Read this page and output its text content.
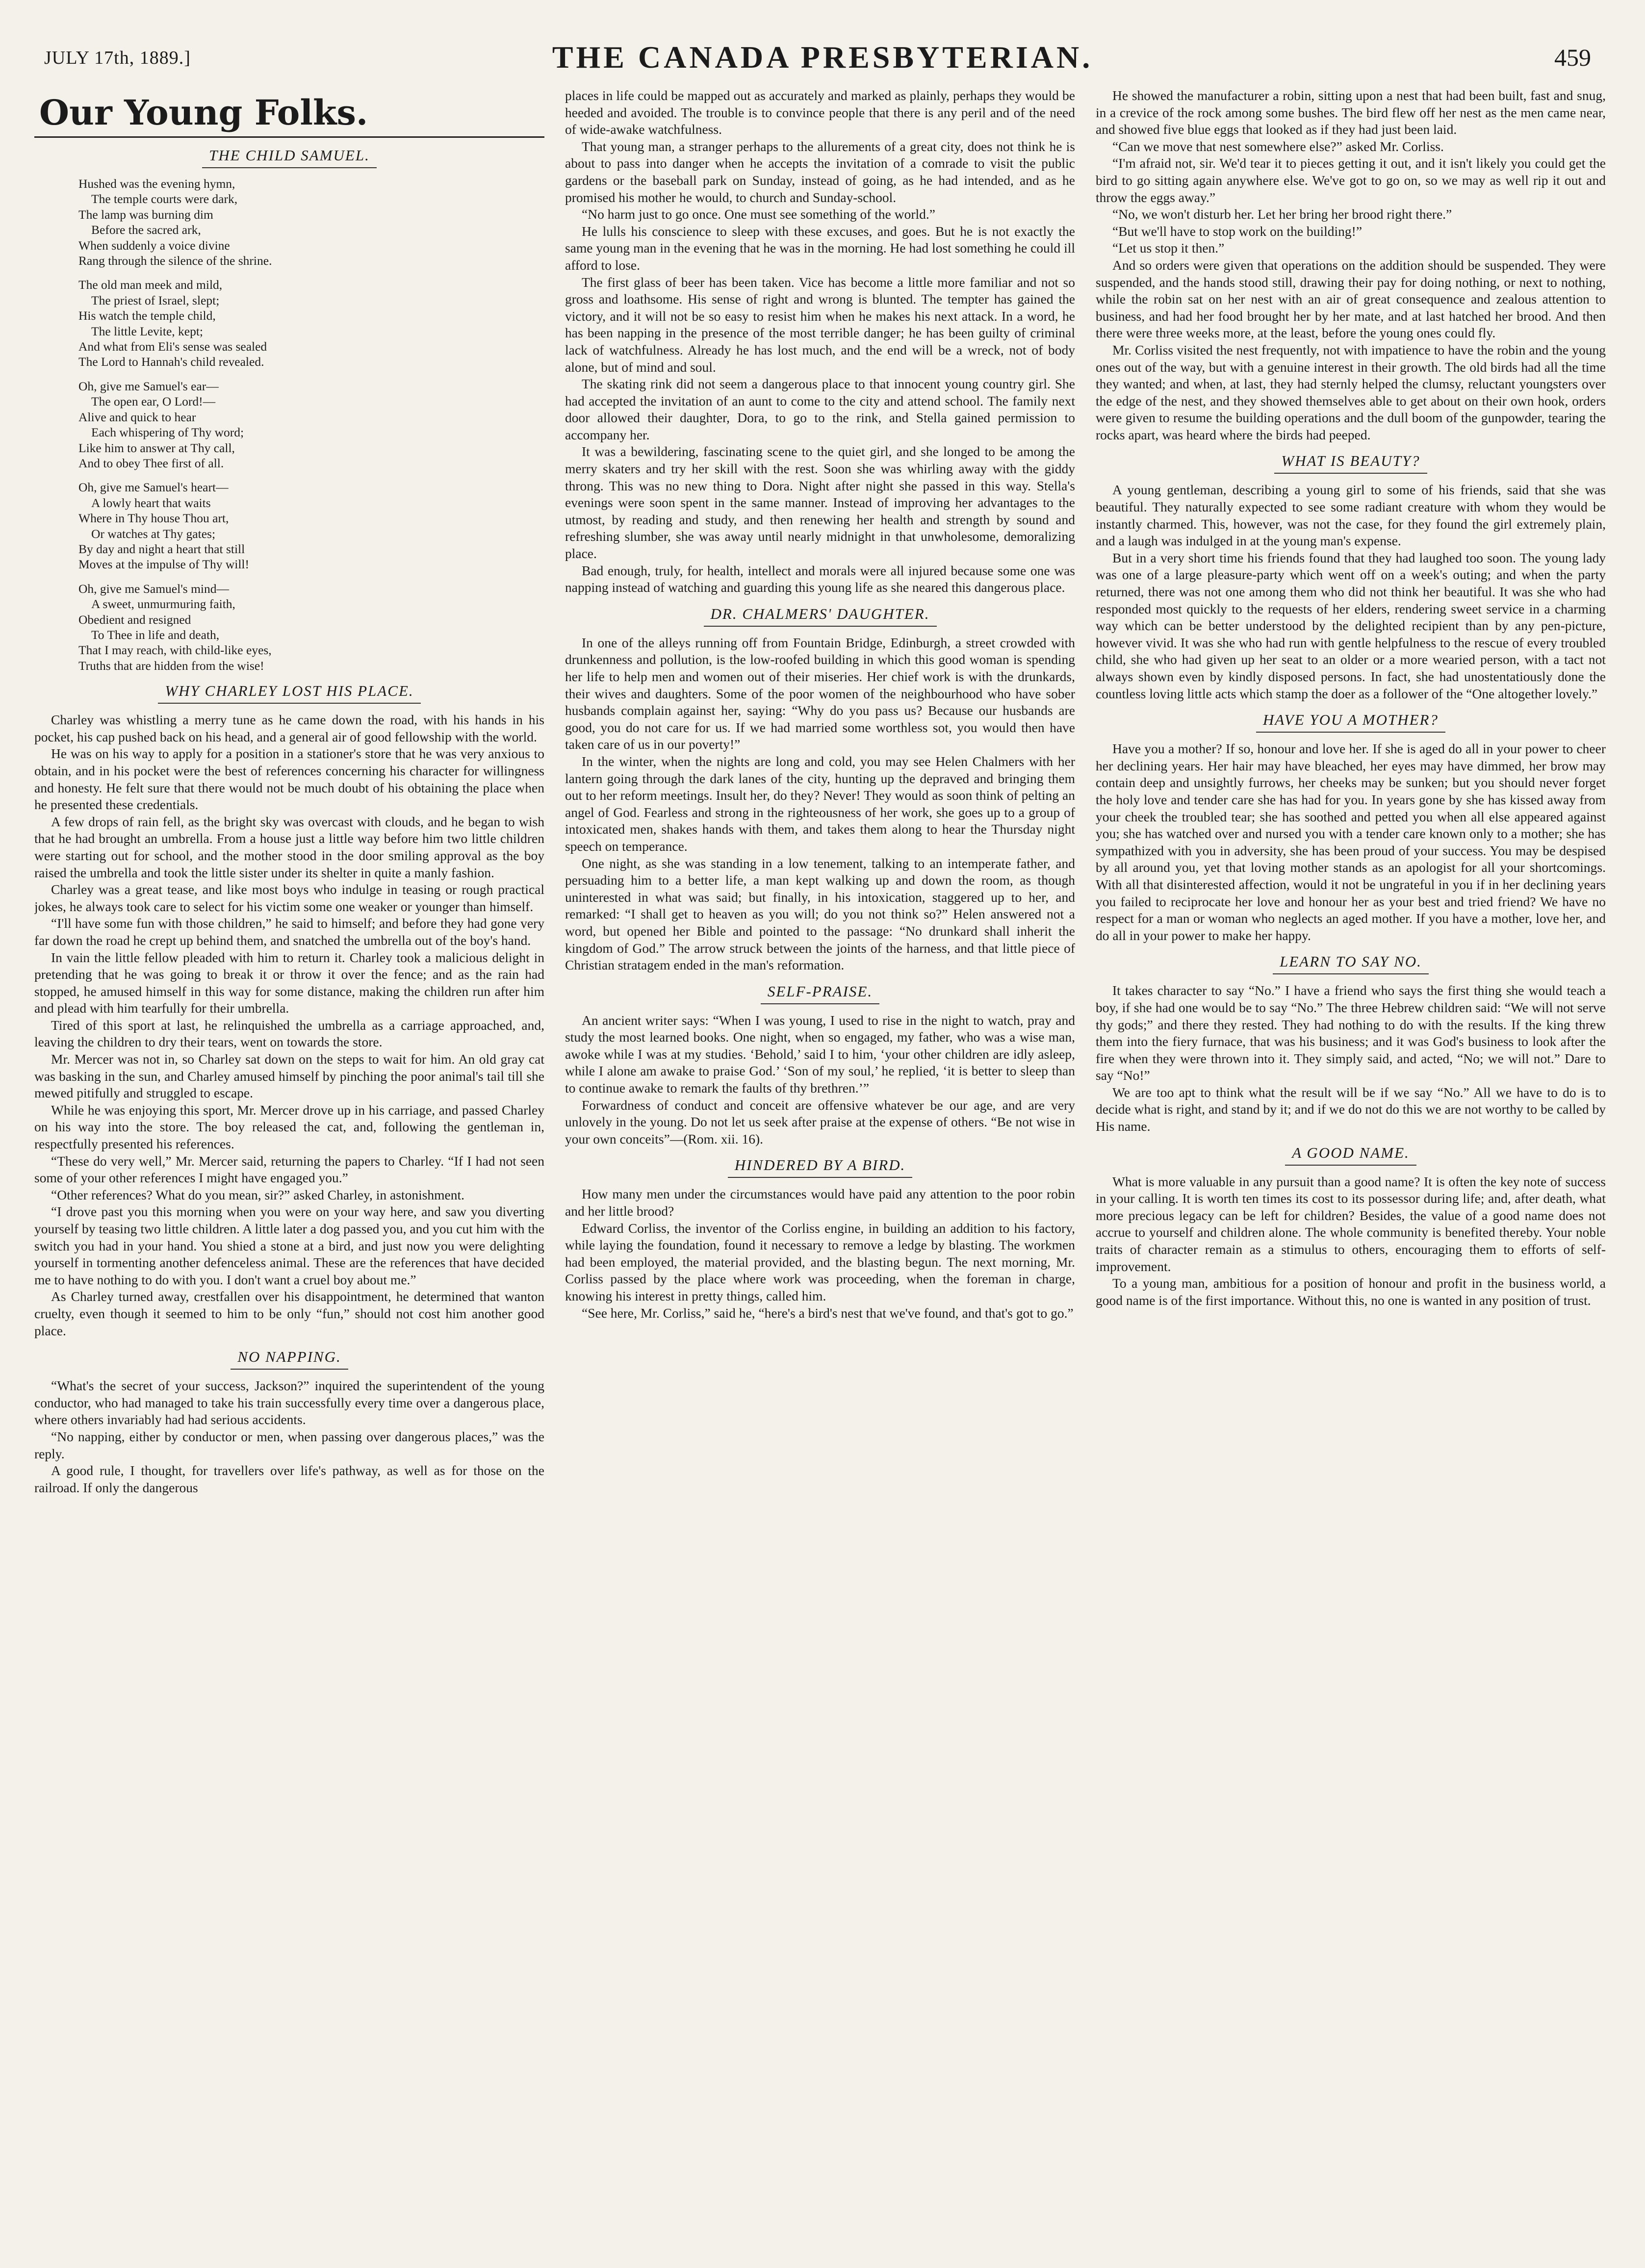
JULY 17th, 1889.]	THE CANADA PRESBYTERIAN.	459
Our Young Folks.
THE CHILD SAMUEL.
Hushed was the evening hymn,
The temple courts were dark,
The lamp was burning dim
Before the sacred ark,
When suddenly a voice divine
Rang through the silence of the shrine.
The old man meek and mild,
The priest of Israel, slept;
His watch the temple child,
The little Levite, kept;
And what from Eli's sense was sealed
The Lord to Hannah's child revealed.
Oh, give me Samuel's ear—
The open ear, O Lord!—
Alive and quick to hear
Each whispering of Thy word;
Like him to answer at Thy call,
And to obey Thee first of all.
Oh, give me Samuel's heart—
A lowly heart that waits
Where in Thy house Thou art,
Or watches at Thy gates;
By day and night a heart that still
Moves at the impulse of Thy will!
Oh, give me Samuel's mind—
A sweet, unmurmuring faith,
Obedient and resigned
To Thee in life and death,
That I may reach, with child-like eyes,
Truths that are hidden from the wise!
WHY CHARLEY LOST HIS PLACE.

Charley was whistling a merry tune as he came down the road, with his hands in his pocket, his cap pushed back on his head, and a general air of good fellowship with the world.

He was on his way to apply for a position in a stationer's store that he was very anxious to obtain, and in his pocket were the best of references concerning his character for willingness and honesty. He felt sure that there would not be much doubt of his obtaining the place when he presented these credentials.

A few drops of rain fell, as the bright sky was overcast with clouds, and he began to wish that he had brought an umbrella. From a house just a little way before him two little children were starting out for school, and the mother stood in the door smiling approval as the boy raised the umbrella and took the little sister under its shelter in quite a manly fashion.

Charley was a great tease, and like most boys who indulge in teasing or rough practical jokes, he always took care to select for his victim some one weaker or younger than himself.

“I'll have some fun with those children,” he said to himself; and before they had gone very far down the road he crept up behind them, and snatched the umbrella out of the boy's hand.

In vain the little fellow pleaded with him to return it. Charley took a malicious delight in pretending that he was going to break it or throw it over the fence; and as the rain had stopped, he amused himself in this way for some distance, making the children run after him and plead with him tearfully for their umbrella.

Tired of this sport at last, he relinquished the umbrella as a carriage approached, and, leaving the children to dry their tears, went on towards the store.

Mr. Mercer was not in, so Charley sat down on the steps to wait for him. An old gray cat was basking in the sun, and Charley amused himself by pinching the poor animal's tail till she mewed pitifully and struggled to escape.

While he was enjoying this sport, Mr. Mercer drove up in his carriage, and passed Charley on his way into the store. The boy released the cat, and, following the gentleman in, respectfully presented his references.

“These do very well,” Mr. Mercer said, returning the papers to Charley. “If I had not seen some of your other references I might have engaged you.”

“Other references? What do you mean, sir?” asked Charley, in astonishment.

“I drove past you this morning when you were on your way here, and saw you diverting yourself by teasing two little children. A little later a dog passed you, and you cut him with the switch you had in your hand. You shied a stone at a bird, and just now you were delighting yourself in tormenting another defenceless animal. These are the references that have decided me to have nothing to do with you. I don't want a cruel boy about me.”

As Charley turned away, crestfallen over his disappointment, he determined that wanton cruelty, even though it seemed to him to be only “fun,” should not cost him another good place.

NO NAPPING.

“What's the secret of your success, Jackson?” inquired the superintendent of the young conductor, who had managed to take his train successfully every time over a dangerous place, where others invariably had had serious accidents.

“No napping, either by conductor or men, when passing over dangerous places,” was the reply.

A good rule, I thought, for travellers over life's pathway, as well as for those on the railroad. If only the dangerous

places in life could be mapped out as accurately and marked as plainly, perhaps they would be heeded and avoided. The trouble is to convince people that there is any peril and of the need of wide-awake watchfulness.

That young man, a stranger perhaps to the allurements of a great city, does not think he is about to pass into danger when he accepts the invitation of a comrade to visit the public gardens or the baseball park on Sunday, instead of going, as he had intended, and as he promised his mother he would, to church and Sunday-school.

“No harm just to go once. One must see something of the world.”

He lulls his conscience to sleep with these excuses, and goes. But he is not exactly the same young man in the evening that he was in the morning. He had lost something he could ill afford to lose.

The first glass of beer has been taken. Vice has become a little more familiar and not so gross and loathsome. His sense of right and wrong is blunted. The tempter has gained the victory, and it will not be so easy to resist him when he makes his next attack. In a word, he has been napping in the presence of the most terrible danger; he has been guilty of criminal lack of watchfulness. Already he has lost much, and the end will be a wreck, not of body alone, but of mind and soul.

The skating rink did not seem a dangerous place to that innocent young country girl. She had accepted the invitation of an aunt to come to the city and attend school. The family next door allowed their daughter, Dora, to go to the rink, and Stella gained permission to accompany her.

It was a bewildering, fascinating scene to the quiet girl, and she longed to be among the merry skaters and try her skill with the rest. Soon she was whirling away with the giddy throng. This was no new thing to Dora. Night after night she passed in this way. Stella's evenings were soon spent in the same manner. Instead of improving her advantages to the utmost, by reading and study, and then renewing her health and strength by sound and refreshing slumber, she was away until nearly midnight in that unwholesome, demoralizing place.

Bad enough, truly, for health, intellect and morals were all injured because some one was napping instead of watching and guarding this young life as she neared this dangerous place.

DR. CHALMERS' DAUGHTER.

In one of the alleys running off from Fountain Bridge, Edinburgh, a street crowded with drunkenness and pollution, is the low-roofed building in which this good woman is spending her life to help men and women out of their miseries. Her chief work is with the drunkards, their wives and daughters. Some of the poor women of the neighbourhood who have sober husbands complain against her, saying: “Why do you pass us? Because our husbands are good, you do not care for us. If we had married some worthless sot, you would then have taken care of us in our poverty!”

In the winter, when the nights are long and cold, you may see Helen Chalmers with her lantern going through the dark lanes of the city, hunting up the depraved and bringing them out to her reform meetings. Insult her, do they? Never! They would as soon think of pelting an angel of God. Fearless and strong in the righteousness of her work, she goes up to a group of intoxicated men, shakes hands with them, and takes them along to hear the Thursday night speech on temperance.

One night, as she was standing in a low tenement, talking to an intemperate father, and persuading him to a better life, a man kept walking up and down the room, as though uninterested in what was said; but finally, in his intoxication, staggered up to her, and remarked: “I shall get to heaven as you will; do you not think so?” Helen answered not a word, but opened her Bible and pointed to the passage: “No drunkard shall inherit the kingdom of God.” The arrow struck between the joints of the harness, and that little piece of Christian stratagem ended in the man's reformation.

SELF-PRAISE.

An ancient writer says: “When I was young, I used to rise in the night to watch, pray and study the most learned books. One night, when so engaged, my father, who was a wise man, awoke while I was at my studies. ‘Behold,’ said I to him, ‘your other children are idly asleep, while I alone am awake to praise God.’ ‘Son of my soul,’ he replied, ‘it is better to sleep than to continue awake to remark the faults of thy brethren.’”

Forwardness of conduct and conceit are offensive whatever be our age, and are very unlovely in the young. Do not let us seek after praise at the expense of others. “Be not wise in your own conceits”—(Rom. xii. 16).

HINDERED BY A BIRD.

How many men under the circumstances would have paid any attention to the poor robin and her little brood?

Edward Corliss, the inventor of the Corliss engine, in building an addition to his factory, while laying the foundation, found it necessary to remove a ledge by blasting. The workmen had been employed, the material provided, and the blasting begun. The next morning, Mr. Corliss passed by the place where work was proceeding, when the foreman in charge, knowing his interest in pretty things, called him.

“See here, Mr. Corliss,” said he, “here's a bird's nest that we've found, and that's got to go.”

He showed the manufacturer a robin, sitting upon a nest that had been built, fast and snug, in a crevice of the rock among some bushes. The bird flew off her nest as the men came near, and showed five blue eggs that looked as if they had just been laid.

“Can we move that nest somewhere else?” asked Mr. Corliss.

“I'm afraid not, sir. We'd tear it to pieces getting it out, and it isn't likely you could get the bird to go sitting again anywhere else. We've got to go on, so we may as well rip it out and throw the eggs away.”

“No, we won't disturb her. Let her bring her brood right there.”

“But we'll have to stop work on the building!”

“Let us stop it then.”

And so orders were given that operations on the addition should be suspended. They were suspended, and the hands stood still, drawing their pay for doing nothing, or next to nothing, while the robin sat on her nest with an air of great consequence and zealous attention to business, and had her food brought her by her mate, and at last hatched her brood. And then there were three weeks more, at the least, before the young ones could fly.

Mr. Corliss visited the nest frequently, not with impatience to have the robin and the young ones out of the way, but with a genuine interest in their growth. The old birds had all the time they wanted; and when, at last, they had sternly helped the clumsy, reluctant youngsters over the edge of the nest, and they showed themselves able to get about on their own hook, orders were given to resume the building operations and the dull boom of the gunpowder, tearing the rocks apart, was heard where the birds had peeped.

WHAT IS BEAUTY?

A young gentleman, describing a young girl to some of his friends, said that she was beautiful. They naturally expected to see some radiant creature with whom they would be instantly charmed. This, however, was not the case, for they found the girl extremely plain, and a laugh was indulged in at the young man's expense.

But in a very short time his friends found that they had laughed too soon. The young lady was one of a large pleasure-party which went off on a week's outing; and when the party returned, there was not one among them who did not think her beautiful. It was she who had responded most quickly to the requests of her elders, rendering sweet service in a charming way which can be better understood by the delighted recipient than by any pen-picture, however vivid. It was she who had run with gentle helpfulness to the rescue of every troubled child, she who had given up her seat to an older or a more wearied person, with a tact not always shown even by kindly disposed persons. In fact, she had unostentatiously done the countless loving little acts which stamp the doer as a follower of the “One altogether lovely.”

HAVE YOU A MOTHER?

Have you a mother? If so, honour and love her. If she is aged do all in your power to cheer her declining years. Her hair may have bleached, her eyes may have dimmed, her brow may contain deep and unsightly furrows, her cheeks may be sunken; but you should never forget the holy love and tender care she has had for you. In years gone by she has kissed away from your cheek the troubled tear; she has soothed and petted you when all else appeared against you; she has watched over and nursed you with a tender care known only to a mother; she has sympathized with you in adversity, she has been proud of your success. You may be despised by all around you, yet that loving mother stands as an apologist for all your shortcomings. With all that disinterested affection, would it not be ungrateful in you if in her declining years you failed to reciprocate her love and honour her as your best and tried friend? We have no respect for a man or woman who neglects an aged mother. If you have a mother, love her, and do all in your power to make her happy.

LEARN TO SAY NO.

It takes character to say “No.” I have a friend who says the first thing she would teach a boy, if she had one would be to say “No.” The three Hebrew children said: “We will not serve thy gods;” and there they rested. They had nothing to do with the results. If the king threw them into the fiery furnace, that was his business; and it was God's business to look after the fire when they were thrown into it. They simply said, and acted, “No; we will not.” Dare to say “No!”

We are too apt to think what the result will be if we say “No.” All we have to do is to decide what is right, and stand by it; and if we do not do this we are not worthy to be called by His name.

A GOOD NAME.

What is more valuable in any pursuit than a good name? It is often the key note of success in your calling. It is worth ten times its cost to its possessor during life; and, after death, what more precious legacy can be left for children? Besides, the value of a good name does not accrue to yourself and children alone. The whole community is benefited thereby. Your noble traits of character remain as a stimulus to others, encouraging them to efforts of self-improvement.

To a young man, ambitious for a position of honour and profit in the business world, a good name is of the first importance. Without this, no one is wanted in any position of trust.
